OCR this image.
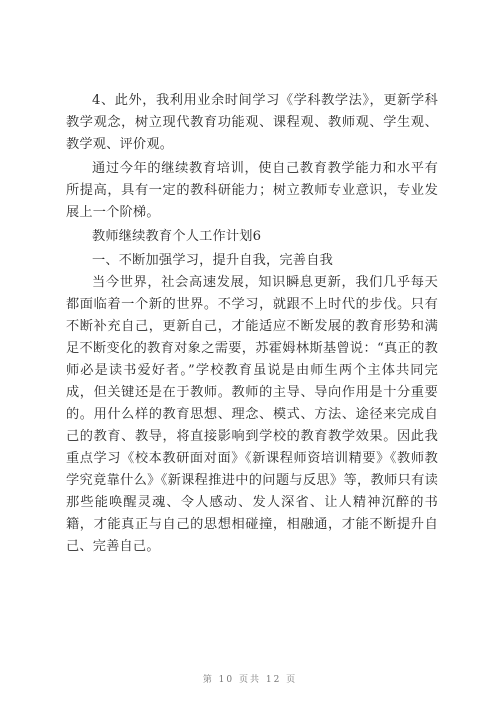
4、此外，我利用业余时间学习《学科教学法》，更新学科教学观念，树立现代教育功能观、课程观、教师观、学生观、教学观、评价观。

通过今年的继续教育培训，使自己教育教学能力和水平有所提高，具有一定的教科研能力；树立教师专业意识，专业发展上一个阶梯。

教师继续教育个人工作计划6

一、不断加强学习，提升自我，完善自我

当今世界，社会高速发展，知识瞬息更新，我们几乎每天都面临着一个新的世界。不学习，就跟不上时代的步伐。只有不断补充自己，更新自己，才能适应不断发展的教育形势和满足不断变化的教育对象之需要，苏霍姆林斯基曾说：“真正的教师必是读书爱好者。”学校教育虽说是由师生两个主体共同完成，但关键还是在于教师。教师的主导、导向作用是十分重要的。用什么样的教育思想、理念、模式、方法、途径来完成自己的教育、教导，将直接影响到学校的教育教学效果。因此我重点学习《校本教研面对面》《新课程师资培训精要》《教师教学究竟靠什么》《新课程推进中的问题与反思》等，教师只有读那些能唤醒灵魂、令人感动、发人深省、让人精神沉醉的书籍，才能真正与自己的思想相碰撞，相融通，才能不断提升自己、完善自己。

第 10 页共 12 页
